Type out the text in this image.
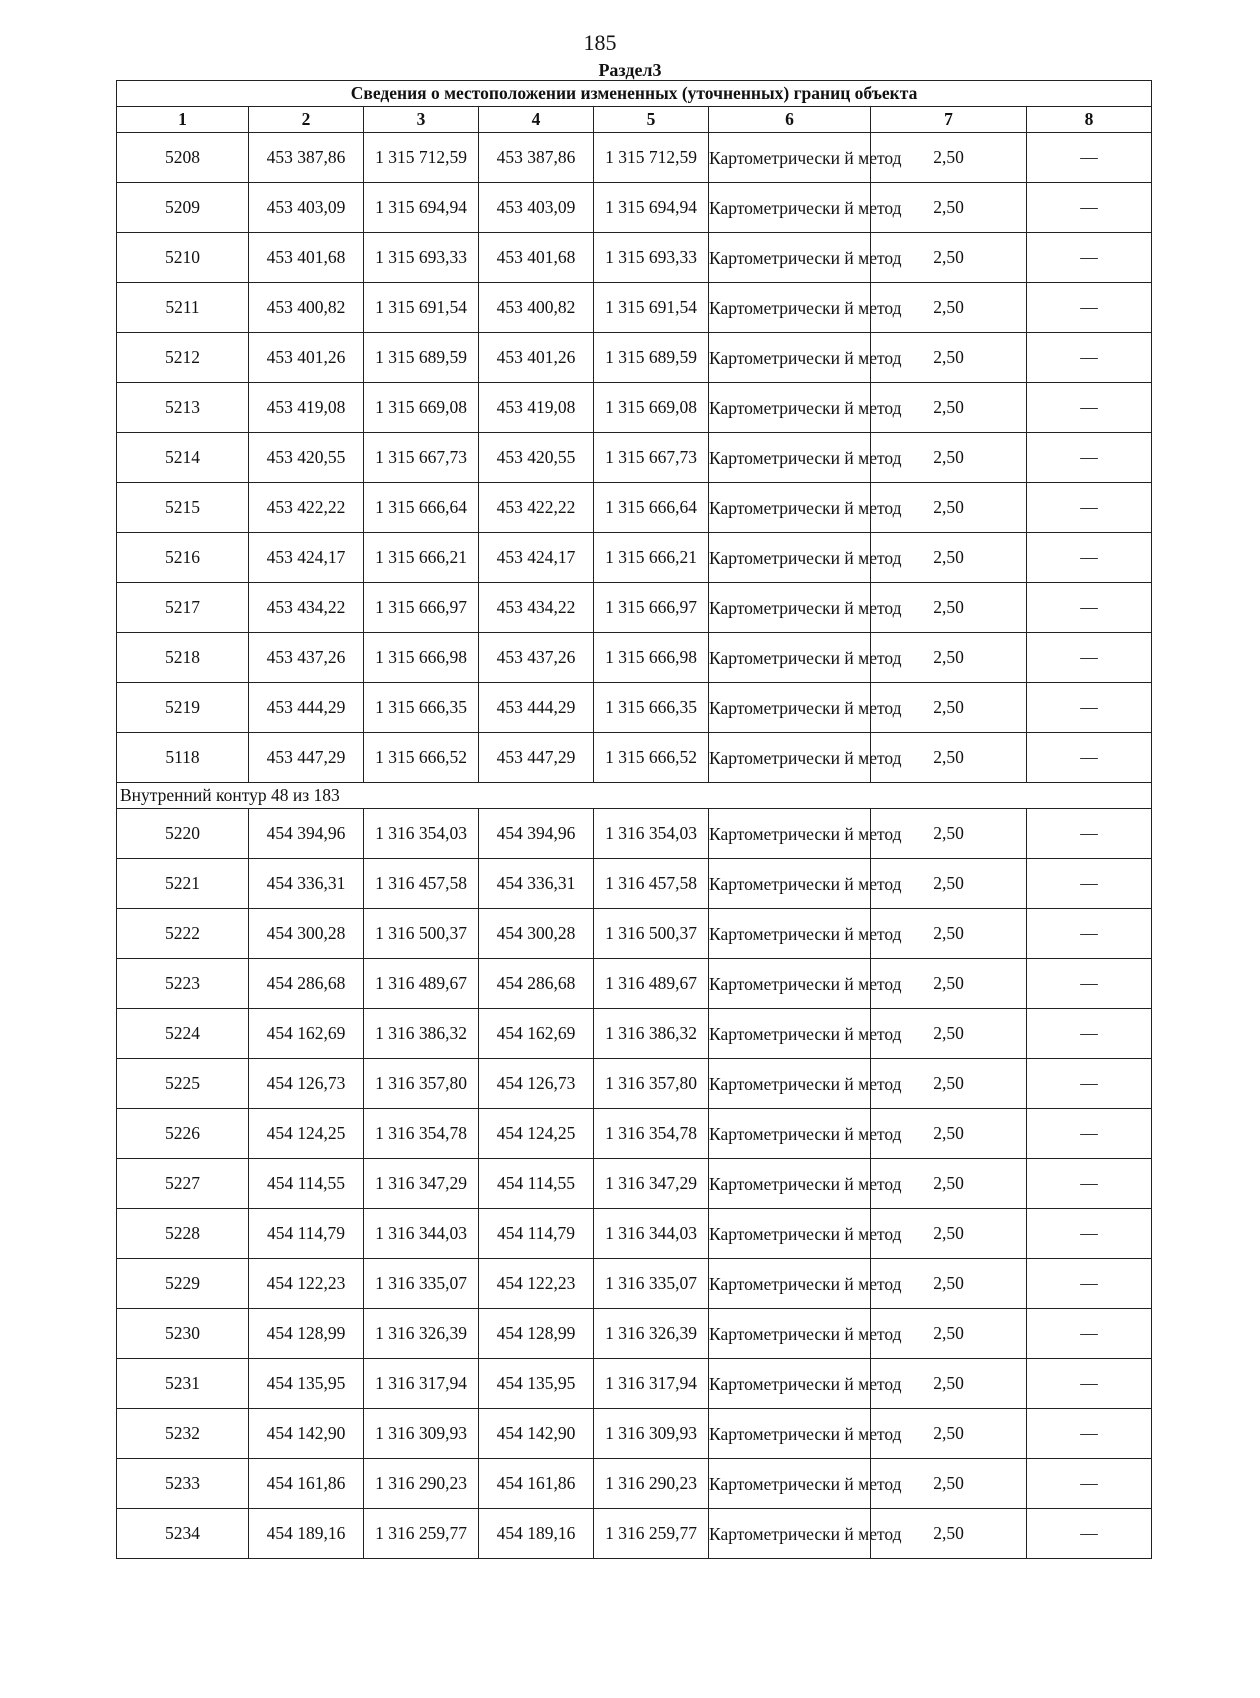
185
Раздел3
Сведения о местоположении измененных (уточненных) границ объекта							
1	2	3	4	5	6	7	8
5208	453 387,86	1 315 712,59	453 387,86	1 315 712,59	Картометрически й метод	2,50	—
5209	453 403,09	1 315 694,94	453 403,09	1 315 694,94	Картометрически й метод	2,50	—
5210	453 401,68	1 315 693,33	453 401,68	1 315 693,33	Картометрически й метод	2,50	—
5211	453 400,82	1 315 691,54	453 400,82	1 315 691,54	Картометрически й метод	2,50	—
5212	453 401,26	1 315 689,59	453 401,26	1 315 689,59	Картометрически й метод	2,50	—
5213	453 419,08	1 315 669,08	453 419,08	1 315 669,08	Картометрически й метод	2,50	—
5214	453 420,55	1 315 667,73	453 420,55	1 315 667,73	Картометрически й метод	2,50	—
5215	453 422,22	1 315 666,64	453 422,22	1 315 666,64	Картометрически й метод	2,50	—
5216	453 424,17	1 315 666,21	453 424,17	1 315 666,21	Картометрически й метод	2,50	—
5217	453 434,22	1 315 666,97	453 434,22	1 315 666,97	Картометрически й метод	2,50	—
5218	453 437,26	1 315 666,98	453 437,26	1 315 666,98	Картометрически й метод	2,50	—
5219	453 444,29	1 315 666,35	453 444,29	1 315 666,35	Картометрически й метод	2,50	—
5118	453 447,29	1 315 666,52	453 447,29	1 315 666,52	Картометрически й метод	2,50	—
Внутренний контур 48 из 183							
5220	454 394,96	1 316 354,03	454 394,96	1 316 354,03	Картометрически й метод	2,50	—
5221	454 336,31	1 316 457,58	454 336,31	1 316 457,58	Картометрически й метод	2,50	—
5222	454 300,28	1 316 500,37	454 300,28	1 316 500,37	Картометрически й метод	2,50	—
5223	454 286,68	1 316 489,67	454 286,68	1 316 489,67	Картометрически й метод	2,50	—
5224	454 162,69	1 316 386,32	454 162,69	1 316 386,32	Картометрически й метод	2,50	—
5225	454 126,73	1 316 357,80	454 126,73	1 316 357,80	Картометрически й метод	2,50	—
5226	454 124,25	1 316 354,78	454 124,25	1 316 354,78	Картометрически й метод	2,50	—
5227	454 114,55	1 316 347,29	454 114,55	1 316 347,29	Картометрически й метод	2,50	—
5228	454 114,79	1 316 344,03	454 114,79	1 316 344,03	Картометрически й метод	2,50	—
5229	454 122,23	1 316 335,07	454 122,23	1 316 335,07	Картометрически й метод	2,50	—
5230	454 128,99	1 316 326,39	454 128,99	1 316 326,39	Картометрически й метод	2,50	—
5231	454 135,95	1 316 317,94	454 135,95	1 316 317,94	Картометрически й метод	2,50	—
5232	454 142,90	1 316 309,93	454 142,90	1 316 309,93	Картометрически й метод	2,50	—
5233	454 161,86	1 316 290,23	454 161,86	1 316 290,23	Картометрически й метод	2,50	—
5234	454 189,16	1 316 259,77	454 189,16	1 316 259,77	Картометрически й метод	2,50	—
